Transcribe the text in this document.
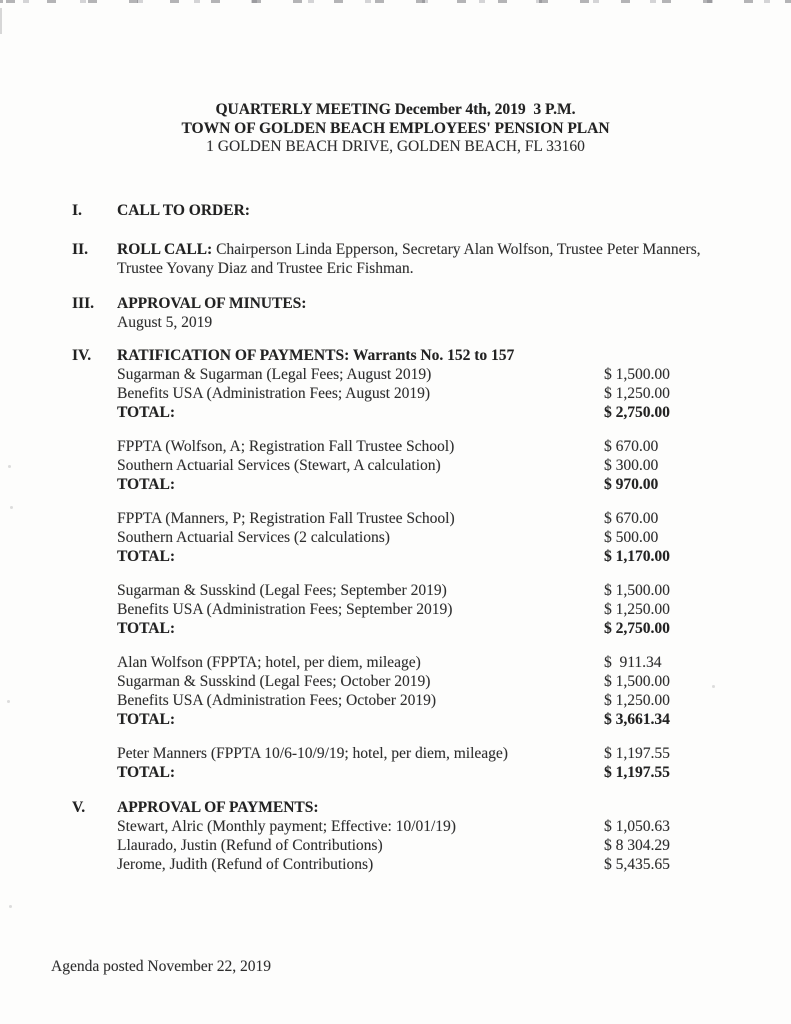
QUARTERLY MEETING December 4th, 2019  3 P.M.
TOWN OF GOLDEN BEACH EMPLOYEES' PENSION PLAN
1 GOLDEN BEACH DRIVE, GOLDEN BEACH, FL 33160
I.	CALL TO ORDER:
II.	ROLL CALL: Chairperson Linda Epperson, Secretary Alan Wolfson, Trustee Peter Manners, Trustee Yovany Diaz and Trustee Eric Fishman.
III.	APPROVAL OF MINUTES:
August 5, 2019
IV.	RATIFICATION OF PAYMENTS: Warrants No. 152 to 157
Sugarman & Sugarman (Legal Fees; August 2019)	$ 1,500.00
Benefits USA (Administration Fees; August 2019)	$ 1,250.00
TOTAL:	$ 2,750.00
FPPTA (Wolfson, A; Registration Fall Trustee School)	$ 670.00
Southern Actuarial Services (Stewart, A calculation)	$ 300.00
TOTAL:	$ 970.00
FPPTA (Manners, P; Registration Fall Trustee School)	$ 670.00
Southern Actuarial Services (2 calculations)	$ 500.00
TOTAL:	$ 1,170.00
Sugarman & Susskind (Legal Fees; September 2019)	$ 1,500.00
Benefits USA (Administration Fees; September 2019)	$ 1,250.00
TOTAL:	$ 2,750.00
Alan Wolfson (FPPTA; hotel, per diem, mileage)	$  911.34
Sugarman & Susskind (Legal Fees; October 2019)	$ 1,500.00
Benefits USA (Administration Fees; October 2019)	$ 1,250.00
TOTAL:	$ 3,661.34
Peter Manners (FPPTA 10/6-10/9/19; hotel, per diem, mileage)	$ 1,197.55
TOTAL:	$ 1,197.55
V.	APPROVAL OF PAYMENTS:
Stewart, Alric (Monthly payment; Effective: 10/01/19)	$ 1,050.63
Llaurado, Justin (Refund of Contributions)	$ 8 304.29
Jerome, Judith (Refund of Contributions)	$ 5,435.65
Agenda posted November 22, 2019
